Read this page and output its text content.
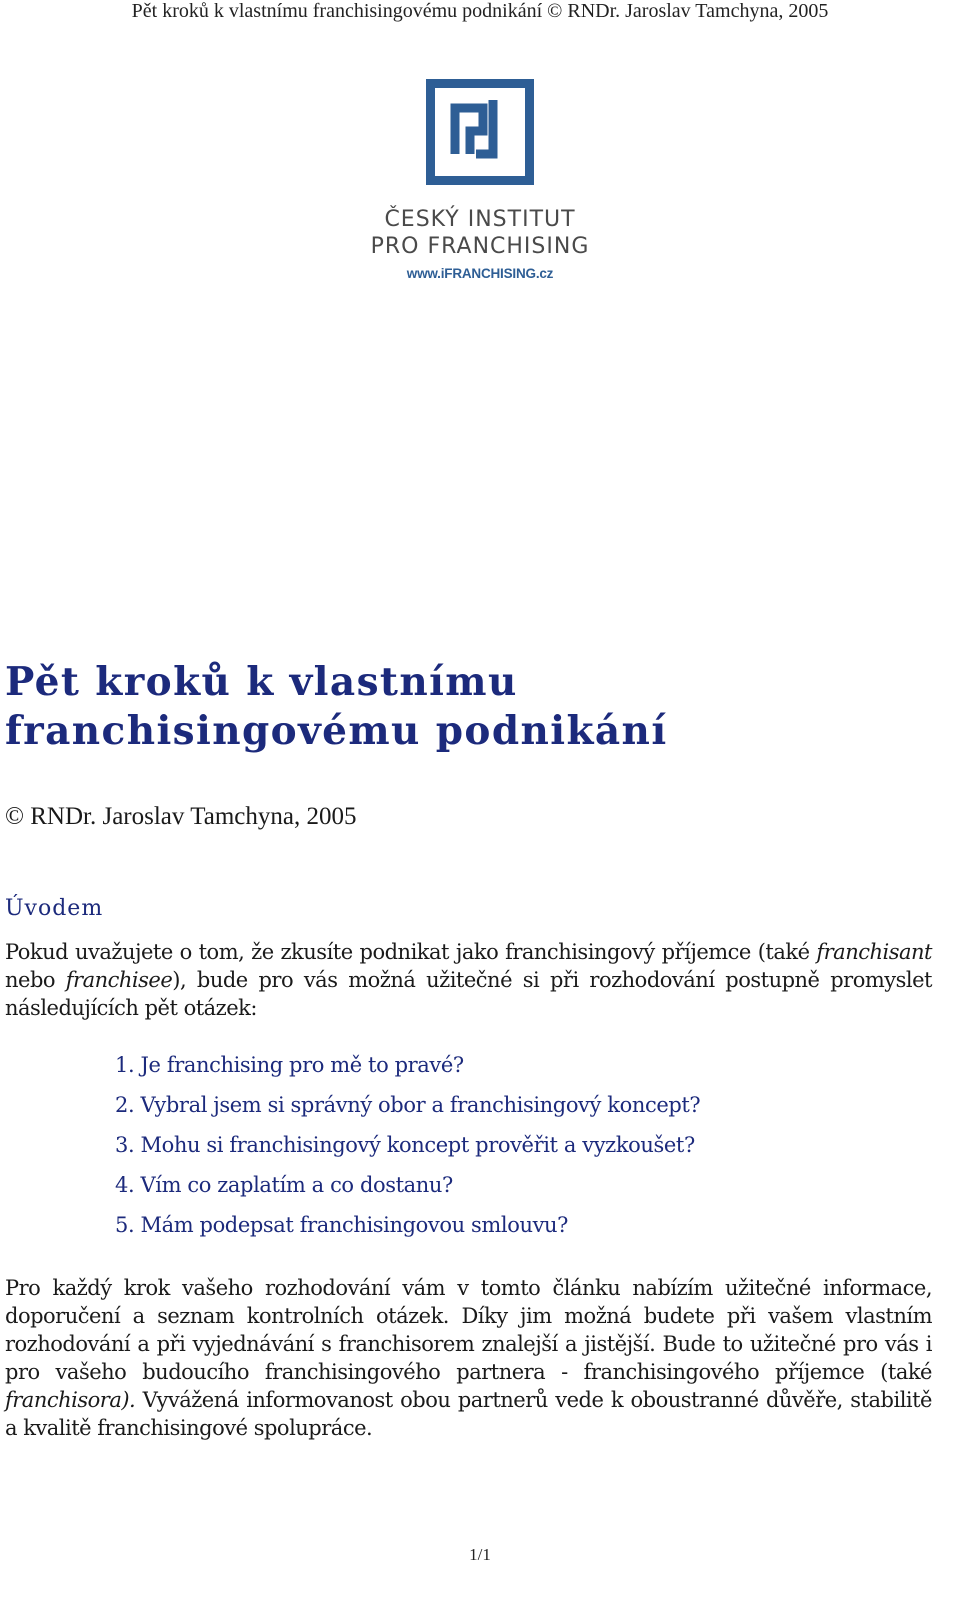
Pět kroků k vlastnímu franchisingovému podnikání © RNDr. Jaroslav Tamchyna, 2005
ČESKÝ INSTITUT
PRO FRANCHISING
www.iFRANCHISING.cz
Pět kroků k vlastnímu franchisingovému podnikání

© RNDr. Jaroslav Tamchyna, 2005

Úvodem

Pokud uvažujete o tom, že zkusíte podnikat jako franchisingový příjemce (také franchisant nebo franchisee), bude pro vás možná užitečné si při rozhodování postupně promyslet následujících pět otázek:

1. Je franchising pro mě to pravé?
2. Vybral jsem si správný obor a franchisingový koncept?
3. Mohu si franchisingový koncept prověřit a vyzkoušet?
4. Vím co zaplatím a co dostanu?
5. Mám podepsat franchisingovou smlouvu?

Pro každý krok vašeho rozhodování vám v tomto článku nabízím užitečné informace, doporučení a seznam kontrolních otázek. Díky jim možná budete při vašem vlastním rozhodování a při vyjednávání s franchisorem znalejší a jistější. Bude to užitečné pro vás i pro vašeho budoucího franchisingového partnera - franchisingového příjemce (také franchisora). Vyvážená informovanost obou partnerů vede k oboustranné důvěře, stabilitě a kvalitě franchisingové spolupráce.

1/1
